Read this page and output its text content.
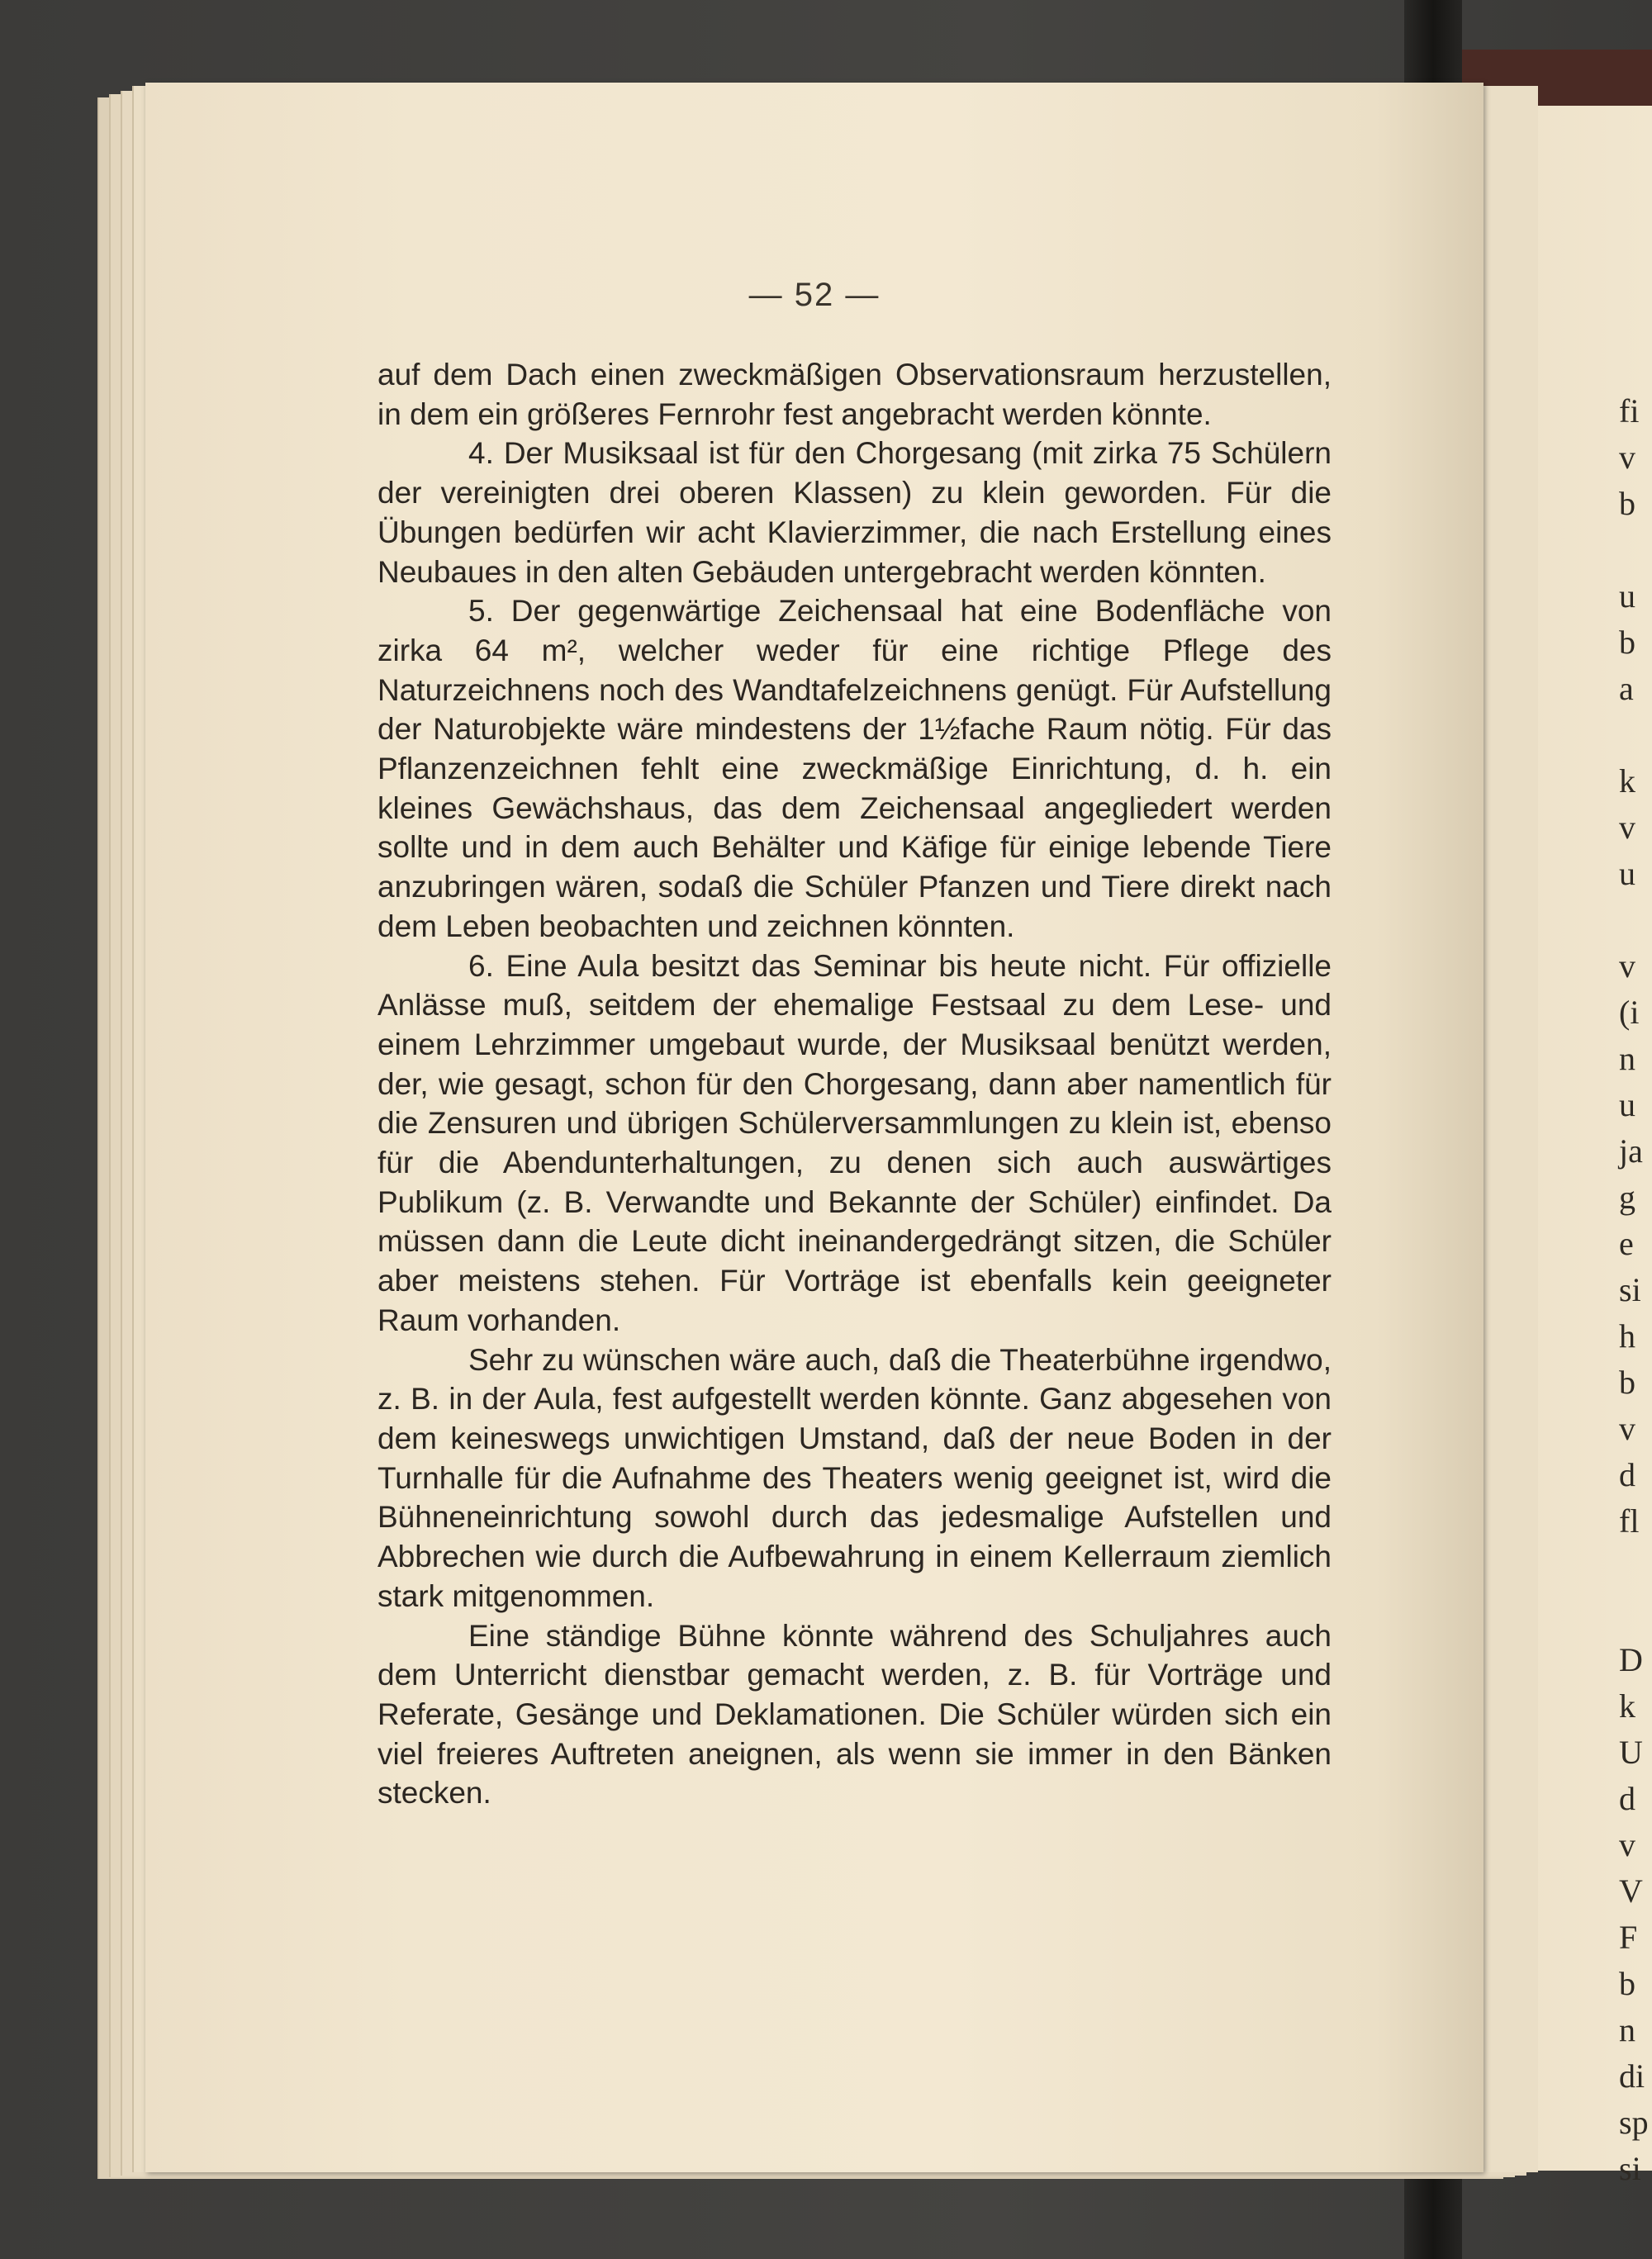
fi
v
b
u
b
a
k
v
u
v
(i
n
u
ja
g
e
si
h
b
v
d
fl
D
k
U
d
v
V
F
b
n
di
sp
si
— 52 —

auf dem Dach einen zweckmäßigen Observationsraum herzustellen, in dem ein größeres Fernrohr fest angebracht werden könnte.

4. Der Musiksaal ist für den Chorgesang (mit zirka 75 Schülern der vereinigten drei oberen Klassen) zu klein geworden. Für die Übungen bedürfen wir acht Klavierzimmer, die nach Erstellung eines Neubaues in den alten Gebäuden untergebracht werden könnten.

5. Der gegenwärtige Zeichensaal hat eine Bodenfläche von zirka 64 m², welcher weder für eine richtige Pflege des Naturzeichnens noch des Wandtafelzeichnens genügt. Für Aufstellung der Naturobjekte wäre mindestens der 1½fache Raum nötig. Für das Pflanzenzeichnen fehlt eine zweckmäßige Einrichtung, d. h. ein kleines Gewächshaus, das dem Zeichensaal angegliedert werden sollte und in dem auch Behälter und Käfige für einige lebende Tiere anzubringen wären, sodaß die Schüler Pfanzen und Tiere direkt nach dem Leben beobachten und zeichnen könnten.

6. Eine Aula besitzt das Seminar bis heute nicht. Für offizielle Anlässe muß, seitdem der ehemalige Festsaal zu dem Lese- und einem Lehrzimmer umgebaut wurde, der Musiksaal benützt werden, der, wie gesagt, schon für den Chorgesang, dann aber namentlich für die Zensuren und übrigen Schülerversammlungen zu klein ist, ebenso für die Abendunterhaltungen, zu denen sich auch auswärtiges Publikum (z. B. Verwandte und Bekannte der Schüler) einfindet. Da müssen dann die Leute dicht ineinandergedrängt sitzen, die Schüler aber meistens stehen. Für Vorträge ist ebenfalls kein geeigneter Raum vorhanden.

Sehr zu wünschen wäre auch, daß die Theaterbühne irgendwo, z. B. in der Aula, fest aufgestellt werden könnte. Ganz abgesehen von dem keineswegs unwichtigen Umstand, daß der neue Boden in der Turnhalle für die Aufnahme des Theaters wenig geeignet ist, wird die Bühneneinrichtung sowohl durch das jedesmalige Aufstellen und Abbrechen wie durch die Aufbewahrung in einem Kellerraum ziemlich stark mitgenommen.

Eine ständige Bühne könnte während des Schuljahres auch dem Unterricht dienstbar gemacht werden, z. B. für Vorträge und Referate, Gesänge und Deklamationen. Die Schüler würden sich ein viel freieres Auftreten aneignen, als wenn sie immer in den Bänken stecken.
